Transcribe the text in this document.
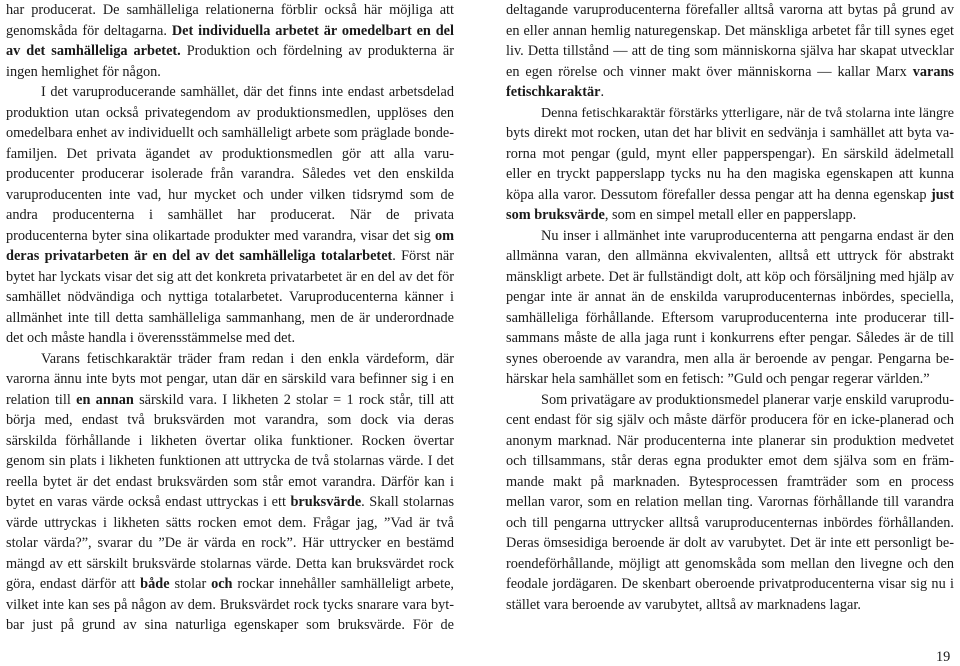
har producerat. De samhälleliga relationerna förblir också här möjliga att
genomskåda för deltagarna. Det individuella arbetet är omedelbart en del
av det samhälleliga arbetet. Produktion och fördelning av produkterna är
ingen hemlighet för någon.
I det varuproducerande samhället, där det finns inte endast arbetsdelad
produktion utan också privategendom av produktionsmedlen, upplöses den
omedelbara enhet av individuellt och samhälleligt arbete som präglade bonde-
familjen. Det privata ägandet av produktionsmedlen gör att alla varu-
producenter producerar isolerade från varandra. Således vet den enskilda
varuproducenten inte vad, hur mycket och under vilken tidsrymd som de
andra producenterna i samhället har producerat. När de privata
producenterna byter sina olikartade produkter med varandra, visar det sig om
deras privatarbeten är en del av det samhälleliga totalarbetet. Först när
bytet har lyckats visar det sig att det konkreta privatarbetet är en del av det för
samhället nödvändiga och nyttiga totalarbetet. Varuproducenterna känner i
allmänhet inte till detta samhälleliga sammanhang, men de är underordnade
det och måste handla i överensstämmelse med det.
Varans fetischkaraktär träder fram redan i den enkla värdeform, där
varorna ännu inte byts mot pengar, utan där en särskild vara befinner sig i en
relation till en annan särskild vara. I likheten 2 stolar = 1 rock står, till att
börja med, endast två bruksvärden mot varandra, som dock via deras
särskilda förhållande i likheten övertar olika funktioner. Rocken övertar
genom sin plats i likheten funktionen att uttrycka de två stolarnas värde. I det
reella bytet är det endast bruksvärden som står emot varandra. Därför kan i
bytet en varas värde också endast uttryckas i ett bruksvärde. Skall stolarnas
värde uttryckas i likheten sätts rocken emot dem. Frågar jag, ”Vad är två
stolar värda?”, svarar du ”De är värda en rock”. Här uttrycker en bestämd
mängd av ett särskilt bruksvärde stolarnas värde. Detta kan bruksvärdet rock
göra, endast därför att både stolar och rockar innehåller samhälleligt arbete,
vilket inte kan ses på någon av dem. Bruksvärdet rock tycks snarare vara byt-
bar just på grund av sina naturliga egenskaper som bruksvärde. För de
deltagande varuproducenterna förefaller alltså varorna att bytas på grund av
en eller annan hemlig naturegenskap. Det mänskliga arbetet får till synes eget
liv. Detta tillstånd — att de ting som människorna själva har skapat utvecklar
en egen rörelse och vinner makt över människorna — kallar Marx varans
fetischkaraktär.
Denna fetischkaraktär förstärks ytterligare, när de två stolarna inte längre
byts direkt mot rocken, utan det har blivit en sedvänja i samhället att byta va-
rorna mot pengar (guld, mynt eller papperspengar). En särskild ädelmetall
eller en tryckt papperslapp tycks nu ha den magiska egenskapen att kunna
köpa alla varor. Dessutom förefaller dessa pengar att ha denna egenskap just
som bruksvärde, som en simpel metall eller en papperslapp.
Nu inser i allmänhet inte varuproducenterna att pengarna endast är den
allmänna varan, den allmänna ekvivalenten, alltså ett uttryck för abstrakt
mänskligt arbete. Det är fullständigt dolt, att köp och försäljning med hjälp av
pengar inte är annat än de enskilda varuproducenternas inbördes, speciella,
samhälleliga förhållande. Eftersom varuproducenterna inte producerar till-
sammans måste de alla jaga runt i konkurrens efter pengar. Således är de till
synes oberoende av varandra, men alla är beroende av pengar. Pengarna be-
härskar hela samhället som en fetisch: ”Guld och pengar regerar världen.”
Som privatägare av produktionsmedel planerar varje enskild varuprodu-
cent endast för sig själv och måste därför producera för en icke-planerad och
anonym marknad. När producenterna inte planerar sin produktion medvetet
och tillsammans, står deras egna produkter emot dem själva som en främ-
mande makt på marknaden. Bytesprocessen framträder som en process
mellan varor, som en relation mellan ting. Varornas förhållande till varandra
och till pengarna uttrycker alltså varuproducenternas inbördes förhållanden.
Deras ömsesidiga beroende är dolt av varubytet. Det är inte ett personligt be-
roendeförhållande, möjligt att genomskåda som mellan den livegne och den
feodale jordägaren. De skenbart oberoende privatproducenterna visar sig nu i
stället vara beroende av varubytet, alltså av marknadens lagar.
19
